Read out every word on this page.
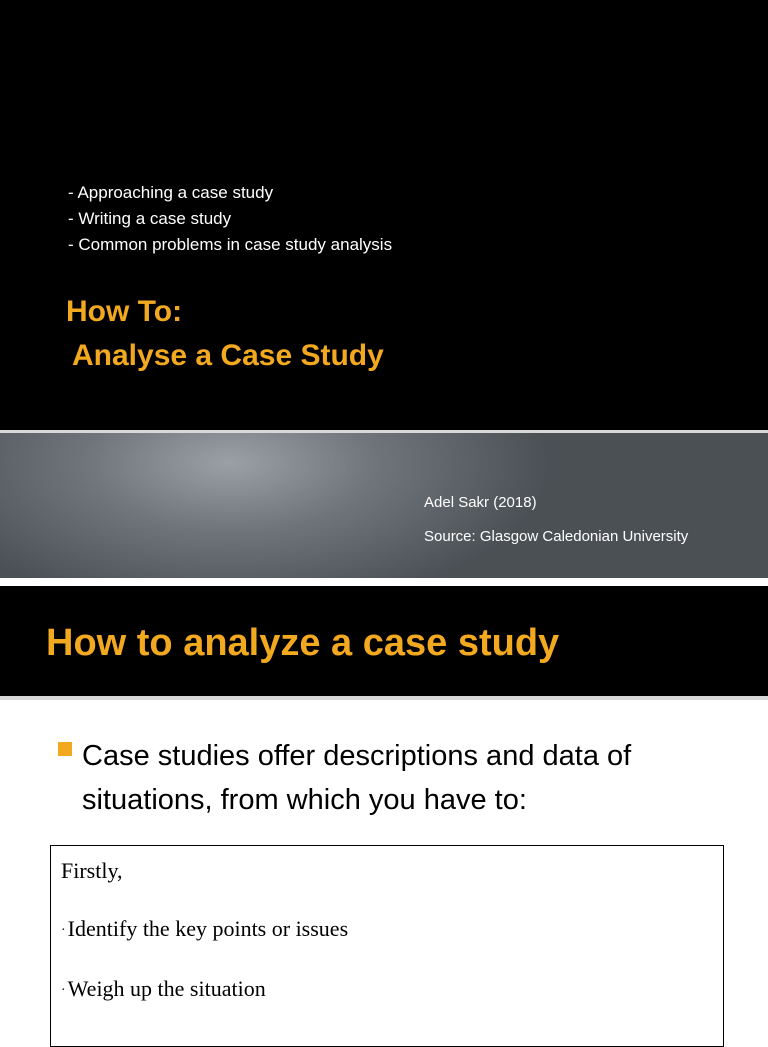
- Approaching a case study
- Writing a case study
- Common problems in case study analysis
How To:
Analyse a Case Study
Adel Sakr (2018)
Source: Glasgow Caledonian University
How to analyze a case study
Case studies offer descriptions and data of situations, from which you have to:
Firstly,
·Identify the key points or issues
·Weigh up the situation
